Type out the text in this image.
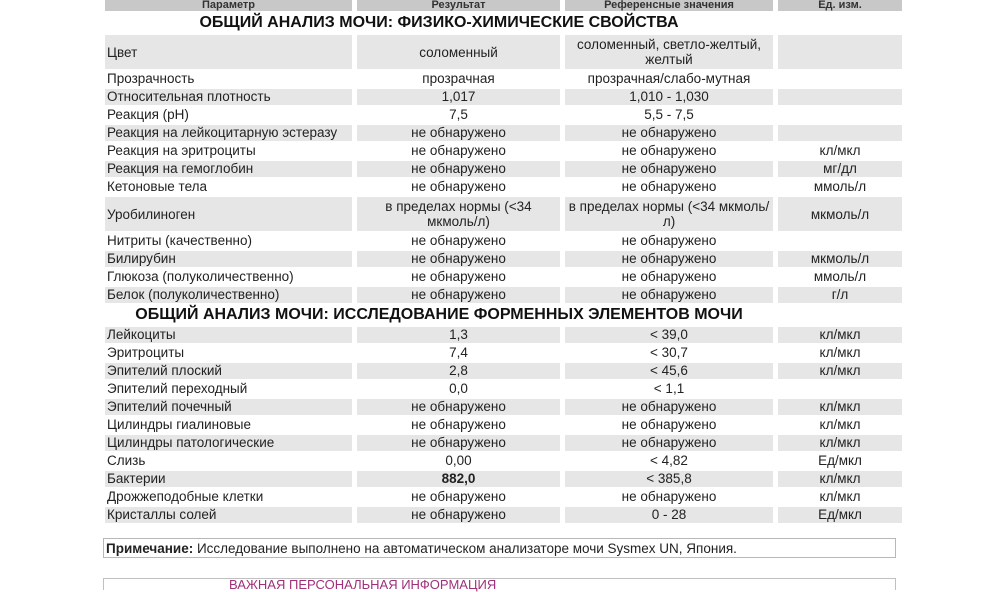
Параметр	Результат	Референсные значения	Ед. изм.
ОБЩИЙ АНАЛИЗ МОЧИ: ФИЗИКО-ХИМИЧЕСКИЕ СВОЙСТВА			
Цвет	соломенный	соломенный, светло-желтый, желтый	
Прозрачность	прозрачная	прозрачная/слабо-мутная	
Относительная плотность	1,017	1,010 - 1,030	
Реакция (pH)	7,5	5,5 - 7,5	
Реакция на лейкоцитарную эстеразу	не обнаружено	не обнаружено	
Реакция на эритроциты	не обнаружено	не обнаружено	кл/мкл
Реакция на гемоглобин	не обнаружено	не обнаружено	мг/дл
Кетоновые тела	не обнаружено	не обнаружено	ммоль/л
Уробилиноген	в пределах нормы (<34 мкмоль/л)	в пределах нормы (<34 мкмоль/л)	мкмоль/л
Нитриты (качественно)	не обнаружено	не обнаружено	
Билирубин	не обнаружено	не обнаружено	мкмоль/л
Глюкоза (полуколичественно)	не обнаружено	не обнаружено	ммоль/л
Белок (полуколичественно)	не обнаружено	не обнаружено	г/л
ОБЩИЙ АНАЛИЗ МОЧИ: ИССЛЕДОВАНИЕ ФОРМЕННЫХ ЭЛЕМЕНТОВ МОЧИ			
Лейкоциты	1,3	< 39,0	кл/мкл
Эритроциты	7,4	< 30,7	кл/мкл
Эпителий плоский	2,8	< 45,6	кл/мкл
Эпителий переходный	0,0	< 1,1	
Эпителий почечный	не обнаружено	не обнаружено	кл/мкл
Цилиндры гиалиновые	не обнаружено	не обнаружено	кл/мкл
Цилиндры патологические	не обнаружено	не обнаружено	кл/мкл
Слизь	0,00	< 4,82	Ед/мкл
Бактерии	882,0	< 385,8	кл/мкл
Дрожжеподобные клетки	не обнаружено	не обнаружено	кл/мкл
Кристаллы солей	не обнаружено	0 - 28	Ед/мкл
Примечание: Исследование выполнено на автоматическом анализаторе мочи Sysmex UN, Япония.
ВАЖНАЯ ПЕРСОНАЛЬНАЯ ИНФОРМАЦИЯ
